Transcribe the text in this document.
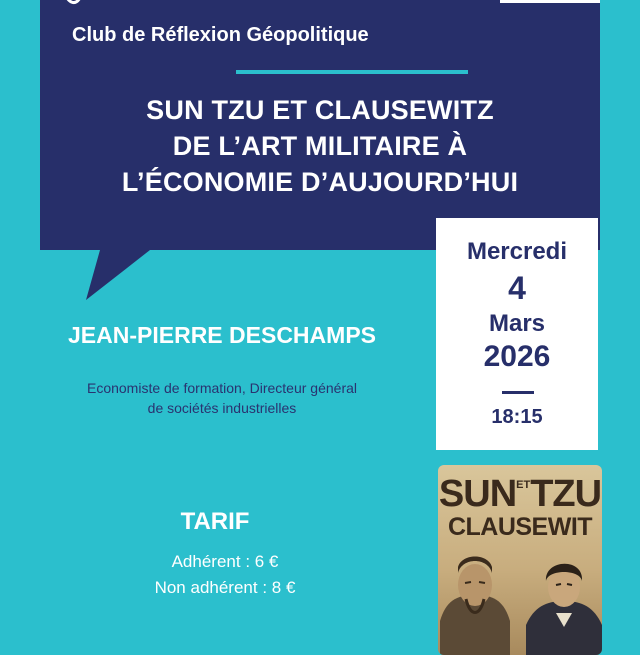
Club de Réflexion Géopolitique
SUN TZU ET CLAUSEWITZ
DE L’ART MILITAIRE À
L’ÉCONOMIE D’AUJOURD’HUI
Mercredi
4
Mars
2026
18:15
JEAN-PIERRE DESCHAMPS
Economiste de formation, Directeur général
de sociétés industrielles
TARIF
Adhérent : 6 €
Non adhérent : 8 €
$SUN^{ET}TZU$
CLAUSEWIT
